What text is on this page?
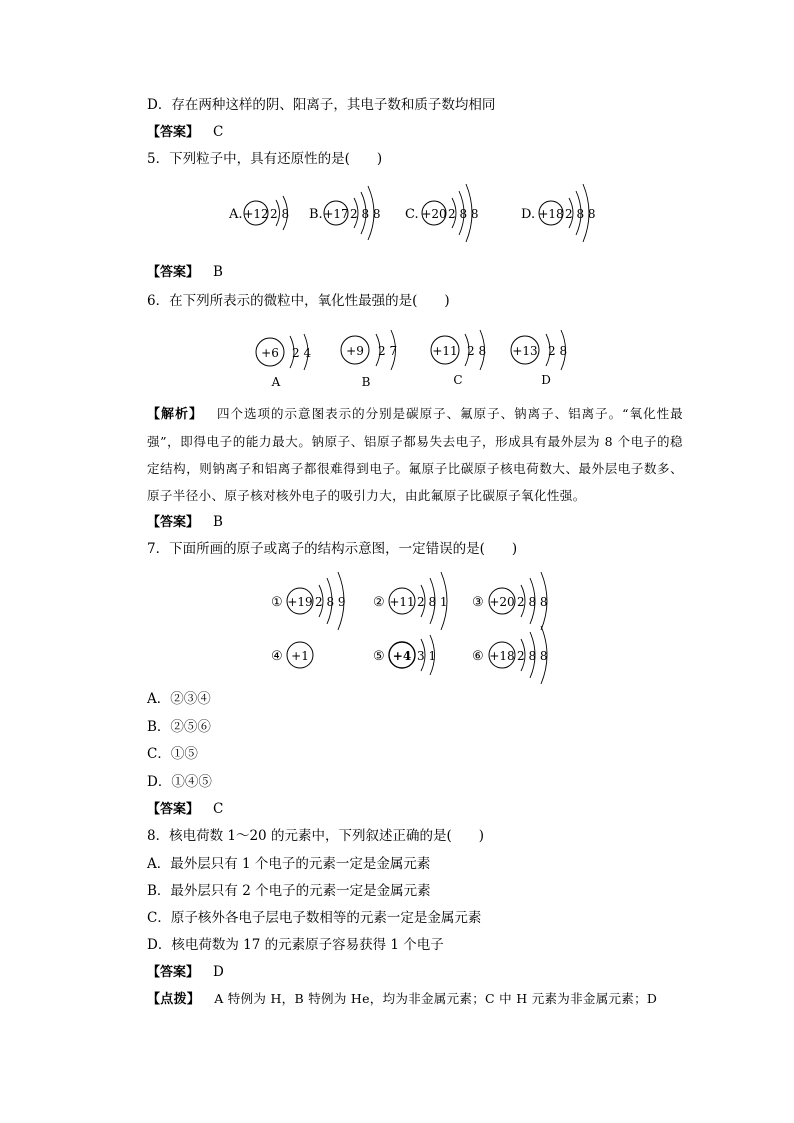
D．存在两种这样的阴、阳离子，其电子数和质子数均相同
【答案】 C
5．下列粒子中，具有还原性的是(　　)
A. +12 2 8 B. +17 2 8 8 C. +20 2 8 8	D. +18 2 8 8
【答案】 B
6．在下列所表示的微粒中，氧化性最强的是(　　)
+6 2 4
A
+9 2 7
B
+11 2 8
C
+13 2 8
D
【解析】 四个选项的示意图表示的分别是碳原子、氟原子、钠离子、铝离子。“氧化性最强”，即得电子的能力最大。钠原子、铝原子都易失去电子，形成具有最外层为 8 个电子的稳定结构，则钠离子和铝离子都很难得到电子。氟原子比碳原子核电荷数大、最外层电子数多、原子半径小、原子核对核外电子的吸引力大，由此氟原子比碳原子氧化性强。
【答案】 B
7．下面所画的原子或离子的结构示意图，一定错误的是(　　)
① +19 2 8 9 ② +11 2 8 1 ③ +20 2 8 8
④ +1	⑤ +4 3 1	⑥ +18 2 8 8
A．②③④
B．②⑤⑥
C．①⑤
D．①④⑤
【答案】 C
8．核电荷数 1～20 的元素中，下列叙述正确的是(　　)
A．最外层只有 1 个电子的元素一定是金属元素
B．最外层只有 2 个电子的元素一定是金属元素
C．原子核外各电子层电子数相等的元素一定是金属元素
D．核电荷数为 17 的元素原子容易获得 1 个电子
【答案】 D
【点拨】 A 特例为 H，B 特例为 He，均为非金属元素；C 中 H 元素为非金属元素；D
